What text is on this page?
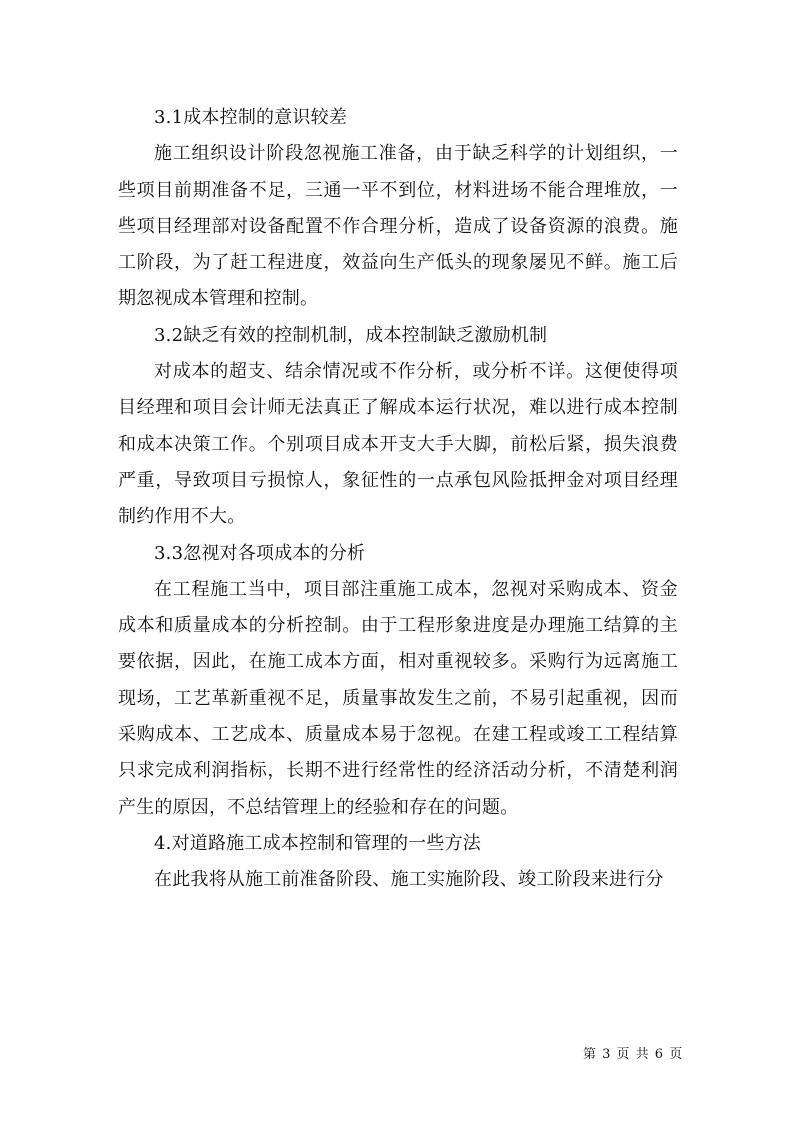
3.1成本控制的意识较差

施工组织设计阶段忽视施工准备，由于缺乏科学的计划组织，一些项目前期准备不足，三通一平不到位，材料进场不能合理堆放，一些项目经理部对设备配置不作合理分析，造成了设备资源的浪费。施工阶段，为了赶工程进度，效益向生产低头的现象屡见不鲜。施工后期忽视成本管理和控制。

3.2缺乏有效的控制机制，成本控制缺乏激励机制

对成本的超支、结余情况或不作分析，或分析不详。这便使得项目经理和项目会计师无法真正了解成本运行状况，难以进行成本控制和成本决策工作。个别项目成本开支大手大脚，前松后紧，损失浪费严重，导致项目亏损惊人，象征性的一点承包风险抵押金对项目经理制约作用不大。

3.3忽视对各项成本的分析

在工程施工当中，项目部注重施工成本，忽视对采购成本、资金成本和质量成本的分析控制。由于工程形象进度是办理施工结算的主要依据，因此，在施工成本方面，相对重视较多。采购行为远离施工现场，工艺革新重视不足，质量事故发生之前，不易引起重视，因而采购成本、工艺成本、质量成本易于忽视。在建工程或竣工工程结算只求完成利润指标，长期不进行经常性的经济活动分析，不清楚利润产生的原因，不总结管理上的经验和存在的问题。

4.对道路施工成本控制和管理的一些方法

在此我将从施工前准备阶段、施工实施阶段、竣工阶段来进行分

第 3 页 共 6 页
